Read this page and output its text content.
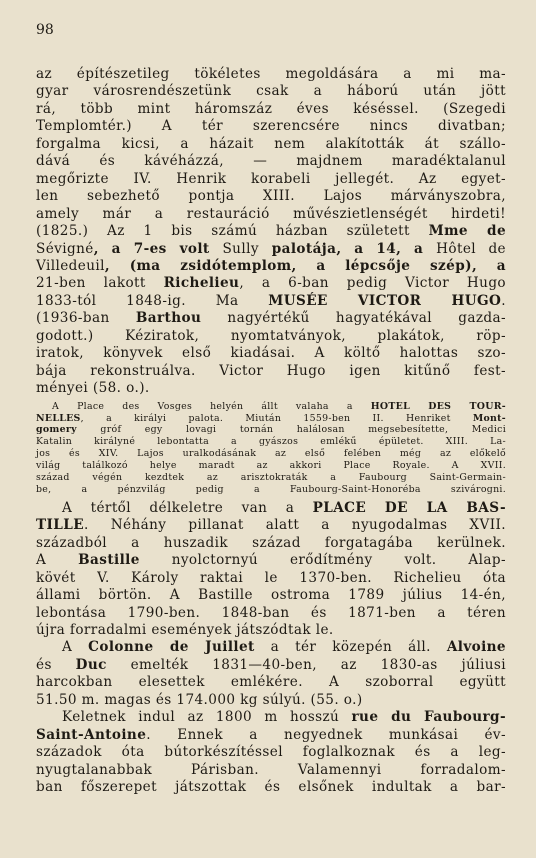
98

az építészetileg tökéletes megoldására a mi ma-

gyar városrendészetünk csak a háború után jött

rá, több mint háromszáz éves késéssel. (Szegedi

Templomtér.) A tér szerencsére nincs divatban;

forgalma kicsi, a házait nem alakították át szállo-

dává és kávéházzá, — majdnem maradéktalanul

megőrizte IV. Henrik korabeli jellegét. Az egyet-

len sebezhető pontja XIII. Lajos márványszobra,

amely már a restauráció művészietlenségét hirdeti!

(1825.) Az 1 bis számú házban született Mme de

Sévigné, a 7-es volt Sully palotája, a 14, a Hôtel de

Villedeuil, (ma zsidótemplom, a lépcsője szép), a

21-ben lakott Richelieu, a 6-ban pedig Victor Hugo

1833-tól 1848-ig. Ma MUSÉE VICTOR HUGO.

(1936-ban Barthou nagyértékű hagyatékával gazda-

godott.) Kéziratok, nyomtatványok, plakátok, röp-

iratok, könyvek első kiadásai. A költő halottas szo-

bája rekonstruálva. Victor Hugo igen kitűnő fest-

ményei (58. o.).

A Place des Vosges helyén állt valaha a HOTEL DES TOUR-

NELLES, a királyi palota. Miután 1559-ben II. Henriket Mont-

gomery gróf egy lovagi tornán halálosan megsebesítette, Medici

Katalin királyné lebontatta a gyászos emlékű épületet. XIII. La-

jos és XIV. Lajos uralkodásának az első felében még az előkelő

világ találkozó helye maradt az akkori Place Royale. A XVII.

század végén kezdtek az arisztokraták a Faubourg Saint-Germain-

be, a pénzvilág pedig a Faubourg-Saint-Honoréba szivárogni.

A tértől délkeletre van a PLACE DE LA BAS-

TILLE. Néhány pillanat alatt a nyugodalmas XVII.

századból a huszadik század forgatagába kerülnek.

A Bastille nyolctornyú erődítmény volt. Alap-

kövét V. Károly raktai le 1370-ben. Richelieu óta

állami börtön. A Bastille ostroma 1789 július 14-én,

lebontása 1790-ben. 1848-ban és 1871-ben a téren

újra forradalmi események játszódtak le.

A Colonne de Juillet a tér közepén áll. Alvoine

és Duc emelték 1831—40-ben, az 1830-as júliusi

harcokban elesettek emlékére. A szoborral együtt

51.50 m. magas és 174.000 kg súlyú. (55. o.)

Keletnek indul az 1800 m hosszú rue du Faubourg-

Saint-Antoine. Ennek a negyednek munkásai év-

századok óta bútorkészítéssel foglalkoznak és a leg-

nyugtalanabbak Párisban. Valamennyi forradalom-

ban főszerepet játszottak és elsőnek indultak a bar-
